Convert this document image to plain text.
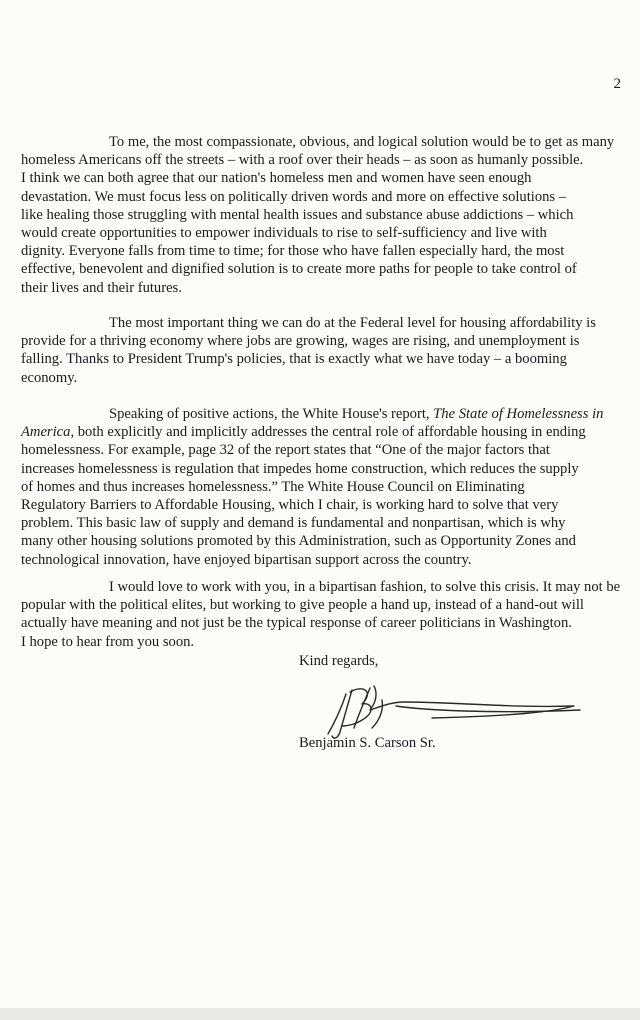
2

To me, the most compassionate, obvious, and logical solution would be to get as many
homeless Americans off the streets – with a roof over their heads – as soon as humanly possible.
I think we can both agree that our nation's homeless men and women have seen enough
devastation. We must focus less on politically driven words and more on effective solutions –
like healing those struggling with mental health issues and substance abuse addictions – which
would create opportunities to empower individuals to rise to self-sufficiency and live with
dignity. Everyone falls from time to time; for those who have fallen especially hard, the most
effective, benevolent and dignified solution is to create more paths for people to take control of
their lives and their futures.

The most important thing we can do at the Federal level for housing affordability is
provide for a thriving economy where jobs are growing, wages are rising, and unemployment is
falling. Thanks to President Trump's policies, that is exactly what we have today – a booming
economy.

Speaking of positive actions, the White House's report, The State of Homelessness in
America, both explicitly and implicitly addresses the central role of affordable housing in ending
homelessness. For example, page 32 of the report states that “One of the major factors that
increases homelessness is regulation that impedes home construction, which reduces the supply
of homes and thus increases homelessness.” The White House Council on Eliminating
Regulatory Barriers to Affordable Housing, which I chair, is working hard to solve that very
problem. This basic law of supply and demand is fundamental and nonpartisan, which is why
many other housing solutions promoted by this Administration, such as Opportunity Zones and
technological innovation, have enjoyed bipartisan support across the country.

I would love to work with you, in a bipartisan fashion, to solve this crisis. It may not be
popular with the political elites, but working to give people a hand up, instead of a hand-out will
actually have meaning and not just be the typical response of career politicians in Washington.
I hope to hear from you soon.

Kind regards,
Benjamin S. Carson Sr.
